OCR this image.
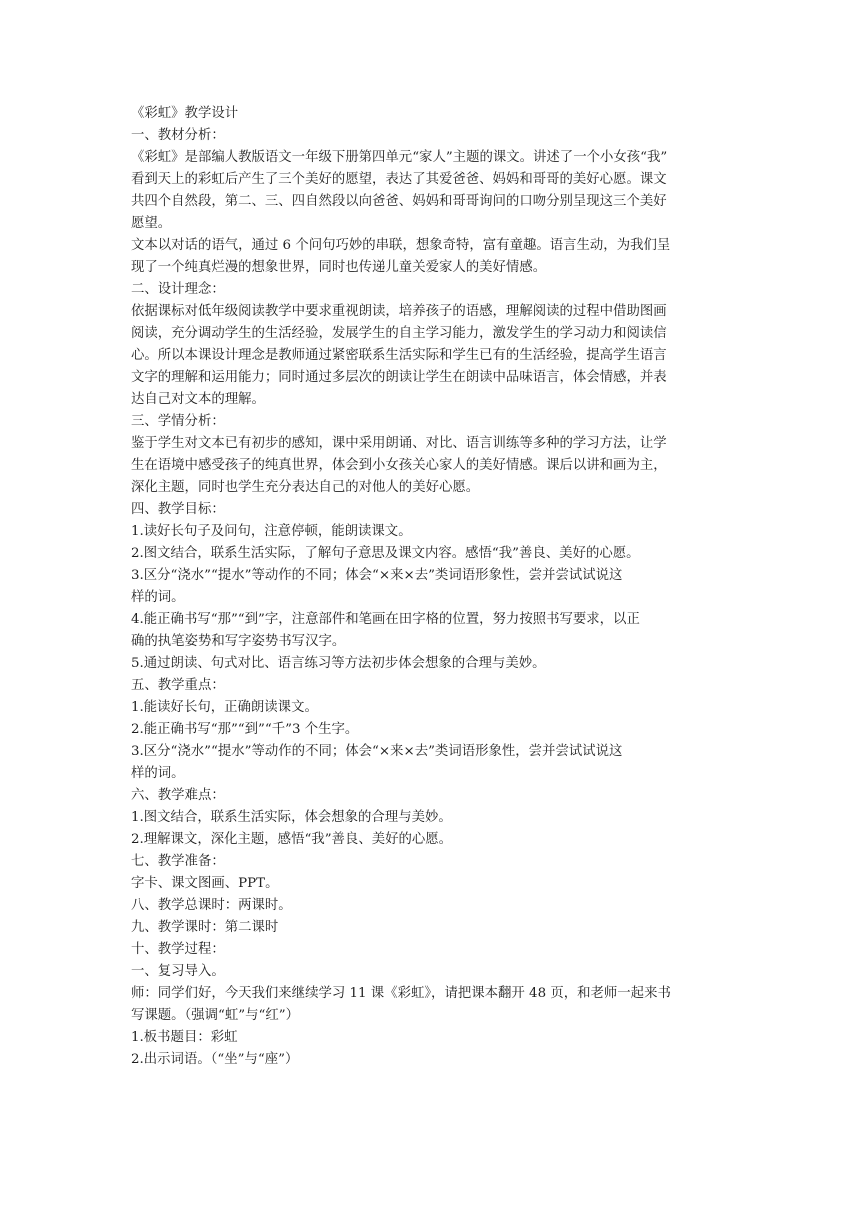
《彩虹》教学设计
一、教材分析：
《彩虹》是部编人教版语文一年级下册第四单元“家人”主题的课文。讲述了一个小女孩“我”
看到天上的彩虹后产生了三个美好的愿望，表达了其爱爸爸、妈妈和哥哥的美好心愿。课文
共四个自然段，第二、三、四自然段以向爸爸、妈妈和哥哥询问的口吻分别呈现这三个美好
愿望。
文本以对话的语气，通过 6 个问句巧妙的串联，想象奇特，富有童趣。语言生动，为我们呈
现了一个纯真烂漫的想象世界，同时也传递儿童关爱家人的美好情感。
二、设计理念：
依据课标对低年级阅读教学中要求重视朗读，培养孩子的语感，理解阅读的过程中借助图画
阅读，充分调动学生的生活经验，发展学生的自主学习能力，激发学生的学习动力和阅读信
心。所以本课设计理念是教师通过紧密联系生活实际和学生已有的生活经验，提高学生语言
文字的理解和运用能力；同时通过多层次的朗读让学生在朗读中品味语言，体会情感，并表
达自己对文本的理解。
三、学情分析：
鉴于学生对文本已有初步的感知，课中采用朗诵、对比、语言训练等多种的学习方法，让学
生在语境中感受孩子的纯真世界，体会到小女孩关心家人的美好情感。课后以讲和画为主，
深化主题，同时也学生充分表达自己的对他人的美好心愿。
四、教学目标：
1.读好长句子及问句，注意停顿，能朗读课文。
2.图文结合，联系生活实际，了解句子意思及课文内容。感悟“我”善良、美好的心愿。
3.区分“浇水”“提水”等动作的不同；体会“×来×去”类词语形象性，尝并尝试试说这
样的词。
4.能正确书写“那”“到”字，注意部件和笔画在田字格的位置，努力按照书写要求，以正
确的执笔姿势和写字姿势书写汉字。
5.通过朗读、句式对比、语言练习等方法初步体会想象的合理与美妙。
五、教学重点：
1.能读好长句，正确朗读课文。
2.能正确书写“那”“到”“千”3 个生字。
3.区分“浇水”“提水”等动作的不同；体会“×来×去”类词语形象性，尝并尝试试说这
样的词。
六、教学难点：
1.图文结合，联系生活实际，体会想象的合理与美妙。
2.理解课文，深化主题，感悟“我”善良、美好的心愿。
七、教学准备：
字卡、课文图画、PPT。
八、教学总课时：两课时。
九、教学课时：第二课时
十、教学过程：
一、复习导入。
师：同学们好，今天我们来继续学习 11 课《彩虹》，请把课本翻开 48 页，和老师一起来书
写课题。（强调“虹”与“红”）
1.板书题目：彩虹
2.出示词语。（“坐”与“座”）
